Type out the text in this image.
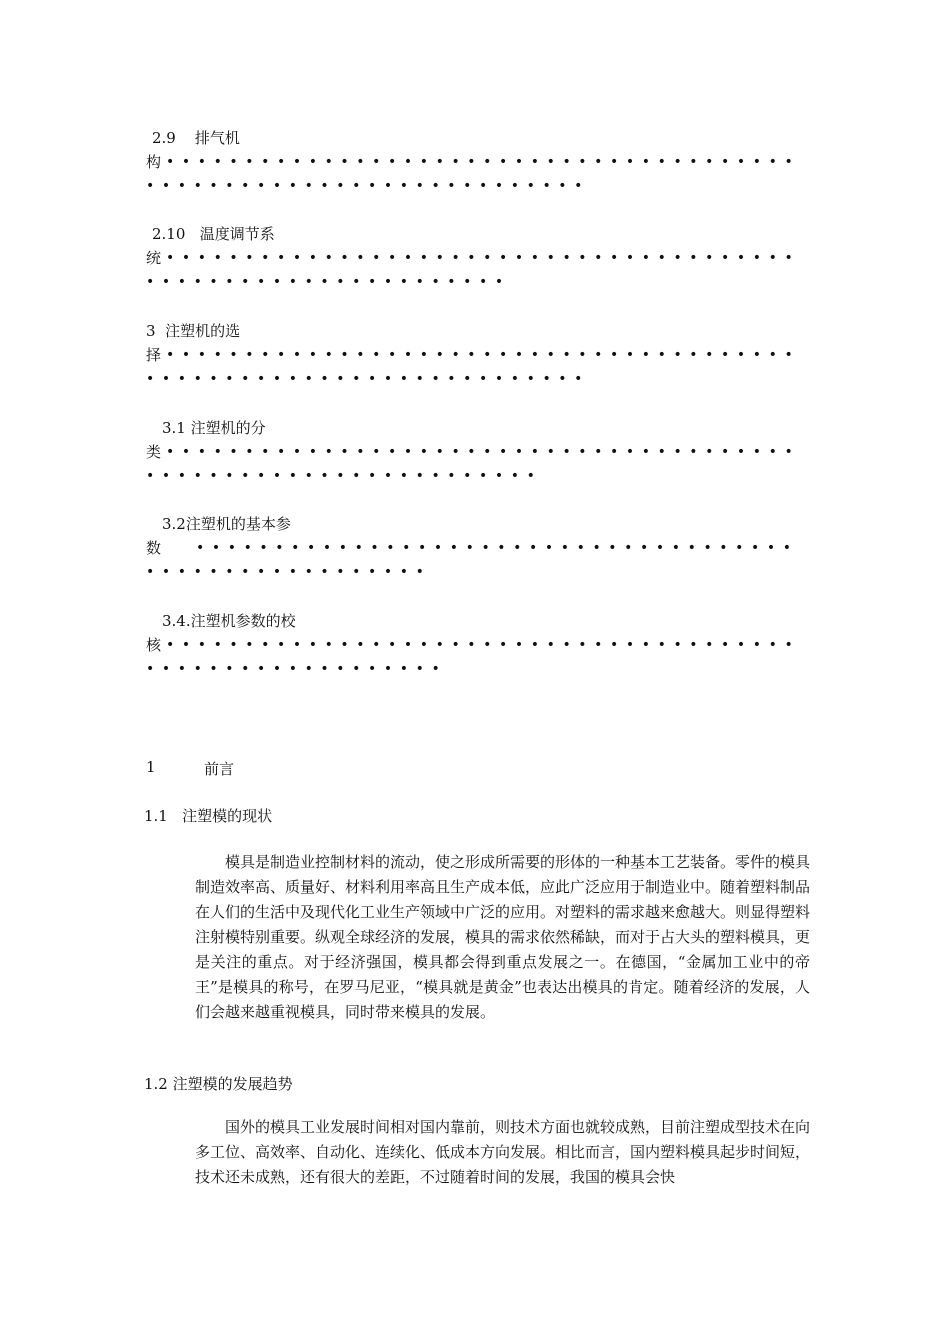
2.9    排气机
构 ••••••••••••••••••••••••••••••••••••••••
••••••••••••••••••••••••••••
2.10   温度调节系
统 ••••••••••••••••••••••••••••••••••••••••
•••••••••••••••••••••••
3  注塑机的选
择 ••••••••••••••••••••••••••••••••••••••••
••••••••••••••••••••••••••••
3.1 注塑机的分
类 ••••••••••••••••••••••••••••••••••••••••
•••••••••••••••••••••••••
3.2注塑机的基本参
数 ••••••••••••••••••••••••••••••••••••••
••••••••••••••••••
3.4.注塑机参数的校
核 ••••••••••••••••••••••••••••••••••••••••
•••••••••••••••••••
1	前言
1.1   注塑模的现状

模具是制造业控制材料的流动，使之形成所需要的形体的一种基本工艺装备。零件的模具制造效率高、质量好、材料利用率高且生产成本低，应此广泛应用于制造业中。随着塑料制品在人们的生活中及现代化工业生产领域中广泛的应用。对塑料的需求越来愈越大。则显得塑料注射模特别重要。纵观全球经济的发展，模具的需求依然稀缺，而对于占大头的塑料模具，更是关注的重点。对于经济强国，模具都会得到重点发展之一。在德国，“金属加工业中的帝王”是模具的称号，在罗马尼亚，“模具就是黄金”也表达出模具的肯定。随着经济的发展，人们会越来越重视模具，同时带来模具的发展。

1.2 注塑模的发展趋势

国外的模具工业发展时间相对国内靠前，则技术方面也就较成熟，目前注塑成型技术在向多工位、高效率、自动化、连续化、低成本方向发展。相比而言，国内塑料模具起步时间短，技术还未成熟，还有很大的差距，不过随着时间的发展，我国的模具会快
